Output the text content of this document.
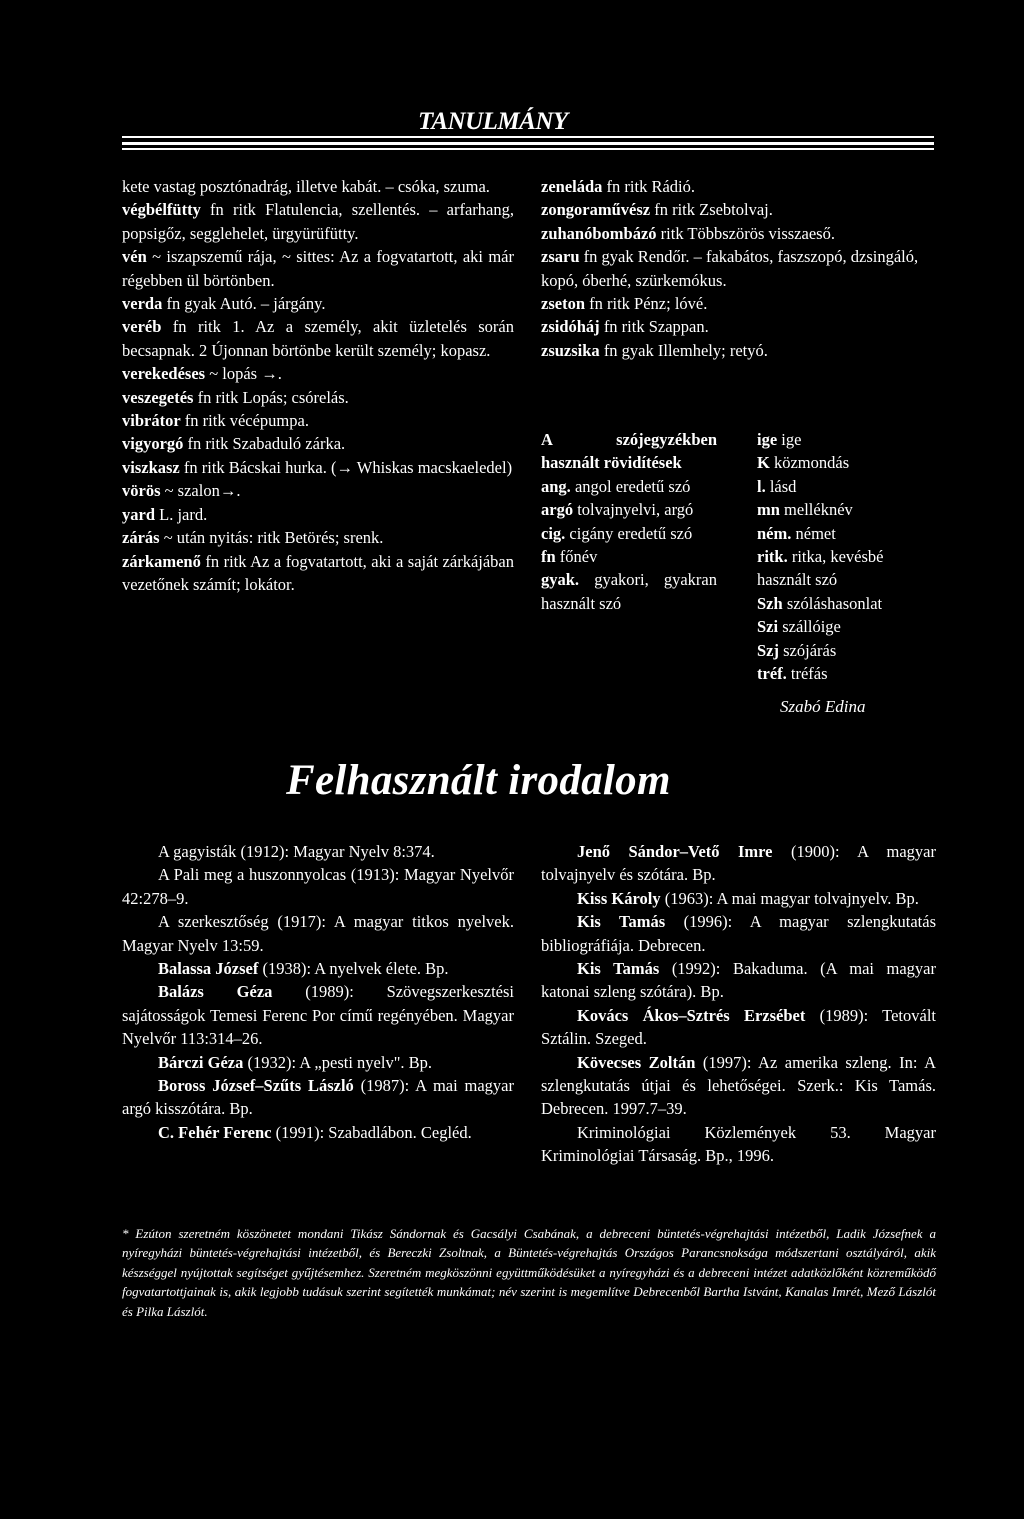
TANULMÁNY

kete vastag posztónadrág, illetve kabát. – csóka, szuma.

végbélfütty fn ritk Flatulencia, szellentés. – arfarhang, popsigőz, segglehelet, ürgyürüfütty.

vén ~ iszapszemű rája, ~ sittes: Az a fogvatartott, aki már régebben ül börtönben.

verda fn gyak Autó. – járgány.

veréb fn ritk 1. Az a személy, akit üzletelés során becsapnak. 2 Újonnan börtönbe került személy; kopasz.

verekedéses ~ lopás →.

veszegetés fn ritk Lopás; csórelás.

vibrátor fn ritk vécépumpa.

vigyorgó fn ritk Szabaduló zárka.

viszkasz fn ritk Bácskai hurka. (→ Whiskas macskaeledel)

vörös ~ szalon→.

yard L. jard.

zárás ~ után nyitás: ritk Betörés; srenk.

zárkamenő fn ritk Az a fogvatartott, aki a saját zárkájában vezetőnek számít; lokátor.

zeneláda fn ritk Rádió.

zongoraművész fn ritk Zsebtolvaj.

zuhanóbombázó ritk Többszörös visszaeső.

zsaru fn gyak Rendőr. – fakabátos, faszszopó, dzsingáló, kopó, óberhé, szürkemókus.

zseton fn ritk Pénz; lóvé.

zsidóháj fn ritk Szappan.

zsuzsika fn gyak Illemhely; retyó.

A szójegyzékben használt rövidítések

ang. angol eredetű szó

argó tolvajnyelvi, argó

cig. cigány eredetű szó

fn főnév

gyak. gyakori, gyakran használt szó

ige ige

K közmondás

l. lásd

mn melléknév

ném. német

ritk. ritka, kevésbé használt szó

Szh szóláshasonlat

Szi szállóige

Szj szójárás

tréf. tréfás

Szabó Edina
Felhasznált irodalom

A gagyisták (1912): Magyar Nyelv 8:374.

A Pali meg a huszonnyolcas (1913): Magyar Nyelvőr 42:278–9.

A szerkesztőség (1917): A magyar titkos nyelvek. Magyar Nyelv 13:59.

Balassa József (1938): A nyelvek élete. Bp.

Balázs Géza (1989): Szövegszerkesztési sajátosságok Temesi Ferenc Por című regényében. Magyar Nyelvőr 113:314–26.

Bárczi Géza (1932): A „pesti nyelv". Bp.

Boross József–Szűts László (1987): A mai magyar argó kisszótára. Bp.

C. Fehér Ferenc (1991): Szabadlábon. Cegléd.

Jenő Sándor–Vető Imre (1900): A magyar tolvajnyelv és szótára. Bp.

Kiss Károly (1963): A mai magyar tolvajnyelv. Bp.

Kis Tamás (1996): A magyar szlengkutatás bibliográfiája. Debrecen.

Kis Tamás (1992): Bakaduma. (A mai magyar katonai szleng szótára). Bp.

Kovács Ákos–Sztrés Erzsébet (1989): Tetovált Sztálin. Szeged.

Kövecses Zoltán (1997): Az amerika szleng. In: A szlengkutatás útjai és lehetőségei. Szerk.: Kis Tamás. Debrecen. 1997.7–39.

Kriminológiai Közlemények 53. Magyar Kriminológiai Társaság. Bp., 1996.

* Ezúton szeretném köszönetet mondani Tikász Sándornak és Gacsályi Csabának, a debreceni büntetés-végrehajtási intézetből, Ladik Józsefnek a nyíregyházi büntetés-végrehajtási intézetből, és Bereczki Zsoltnak, a Büntetés-végrehajtás Országos Parancsnoksága módszertani osztályáról, akik készséggel nyújtottak segítséget gyűjtésemhez. Szeretném megköszönni együttműködésüket a nyíregyházi és a debreceni intézet adatközlőként közreműködő fogvatartottjainak is, akik legjobb tudásuk szerint segítették munkámat; név szerint is megemlítve Debrecenből Bartha Istvánt, Kanalas Imrét, Mező Lászlót és Pilka Lászlót.
